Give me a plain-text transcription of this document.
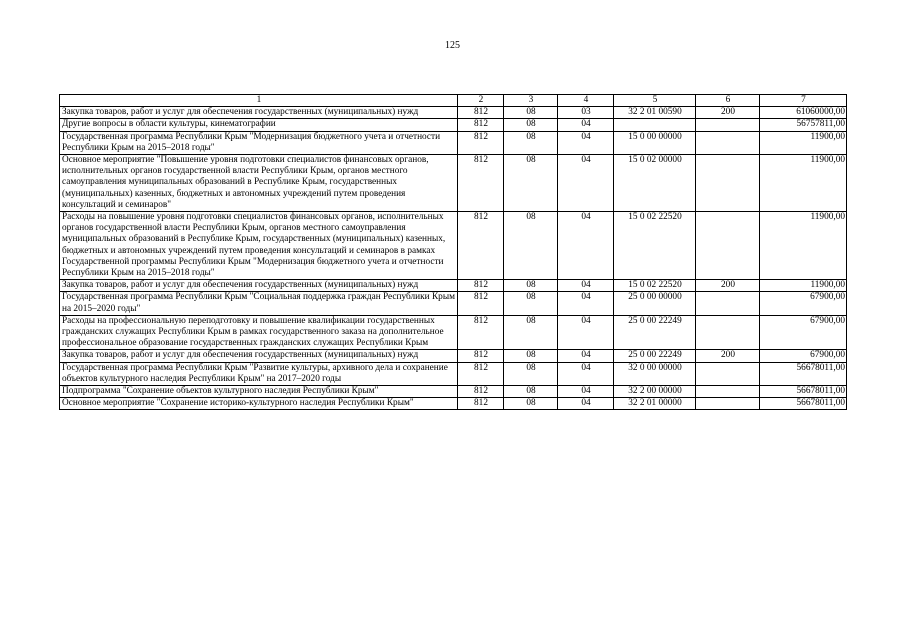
125
1	2	3	4	5	6	7
Закупка товаров, работ и услуг для обеспечения государственных (муниципальных) нужд	812	08	03	32 2 01 00590	200	61060000,00
Другие вопросы в области культуры, кинематографии	812	08	04			56757811,00
Государственная программа Республики Крым "Модернизация бюджетного учета и отчетности Республики Крым на 2015–2018 годы"	812	08	04	15 0 00 00000		11900,00
Основное мероприятие "Повышение уровня подготовки специалистов финансовых органов, исполнительных органов государственной власти Республики Крым, органов местного самоуправления муниципальных образований в Республике Крым, государственных (муниципальных) казенных, бюджетных и автономных учреждений путем проведения консультаций и семинаров"	812	08	04	15 0 02 00000		11900,00
Расходы на повышение уровня подготовки специалистов финансовых органов, исполнительных органов государственной власти Республики Крым, органов местного самоуправления муниципальных образований в Республике Крым, государственных (муниципальных) казенных, бюджетных и автономных учреждений путем проведения консультаций и семинаров в рамках Государственной программы Республики Крым "Модернизация бюджетного учета и отчетности Республики Крым на 2015–2018 годы"	812	08	04	15 0 02 22520		11900,00
Закупка товаров, работ и услуг для обеспечения государственных (муниципальных) нужд	812	08	04	15 0 02 22520	200	11900,00
Государственная программа Республики Крым "Социальная поддержка граждан Республики Крым на 2015–2020 годы"	812	08	04	25 0 00 00000		67900,00
Расходы на профессиональную переподготовку и повышение квалификации государственных гражданских служащих Республики Крым в рамках государственного заказа на дополнительное профессиональное образование государственных гражданских служащих Республики Крым	812	08	04	25 0 00 22249		67900,00
Закупка товаров, работ и услуг для обеспечения государственных (муниципальных) нужд	812	08	04	25 0 00 22249	200	67900,00
Государственная программа Республики Крым "Развитие культуры, архивного дела и сохранение объектов культурного наследия Республики Крым" на 2017–2020 годы	812	08	04	32 0 00 00000		56678011,00
Подпрограмма "Сохранение объектов культурного наследия Республики Крым"	812	08	04	32 2 00 00000		56678011,00
Основное мероприятие "Сохранение историко-культурного наследия Республики Крым"	812	08	04	32 2 01 00000		56678011,00
